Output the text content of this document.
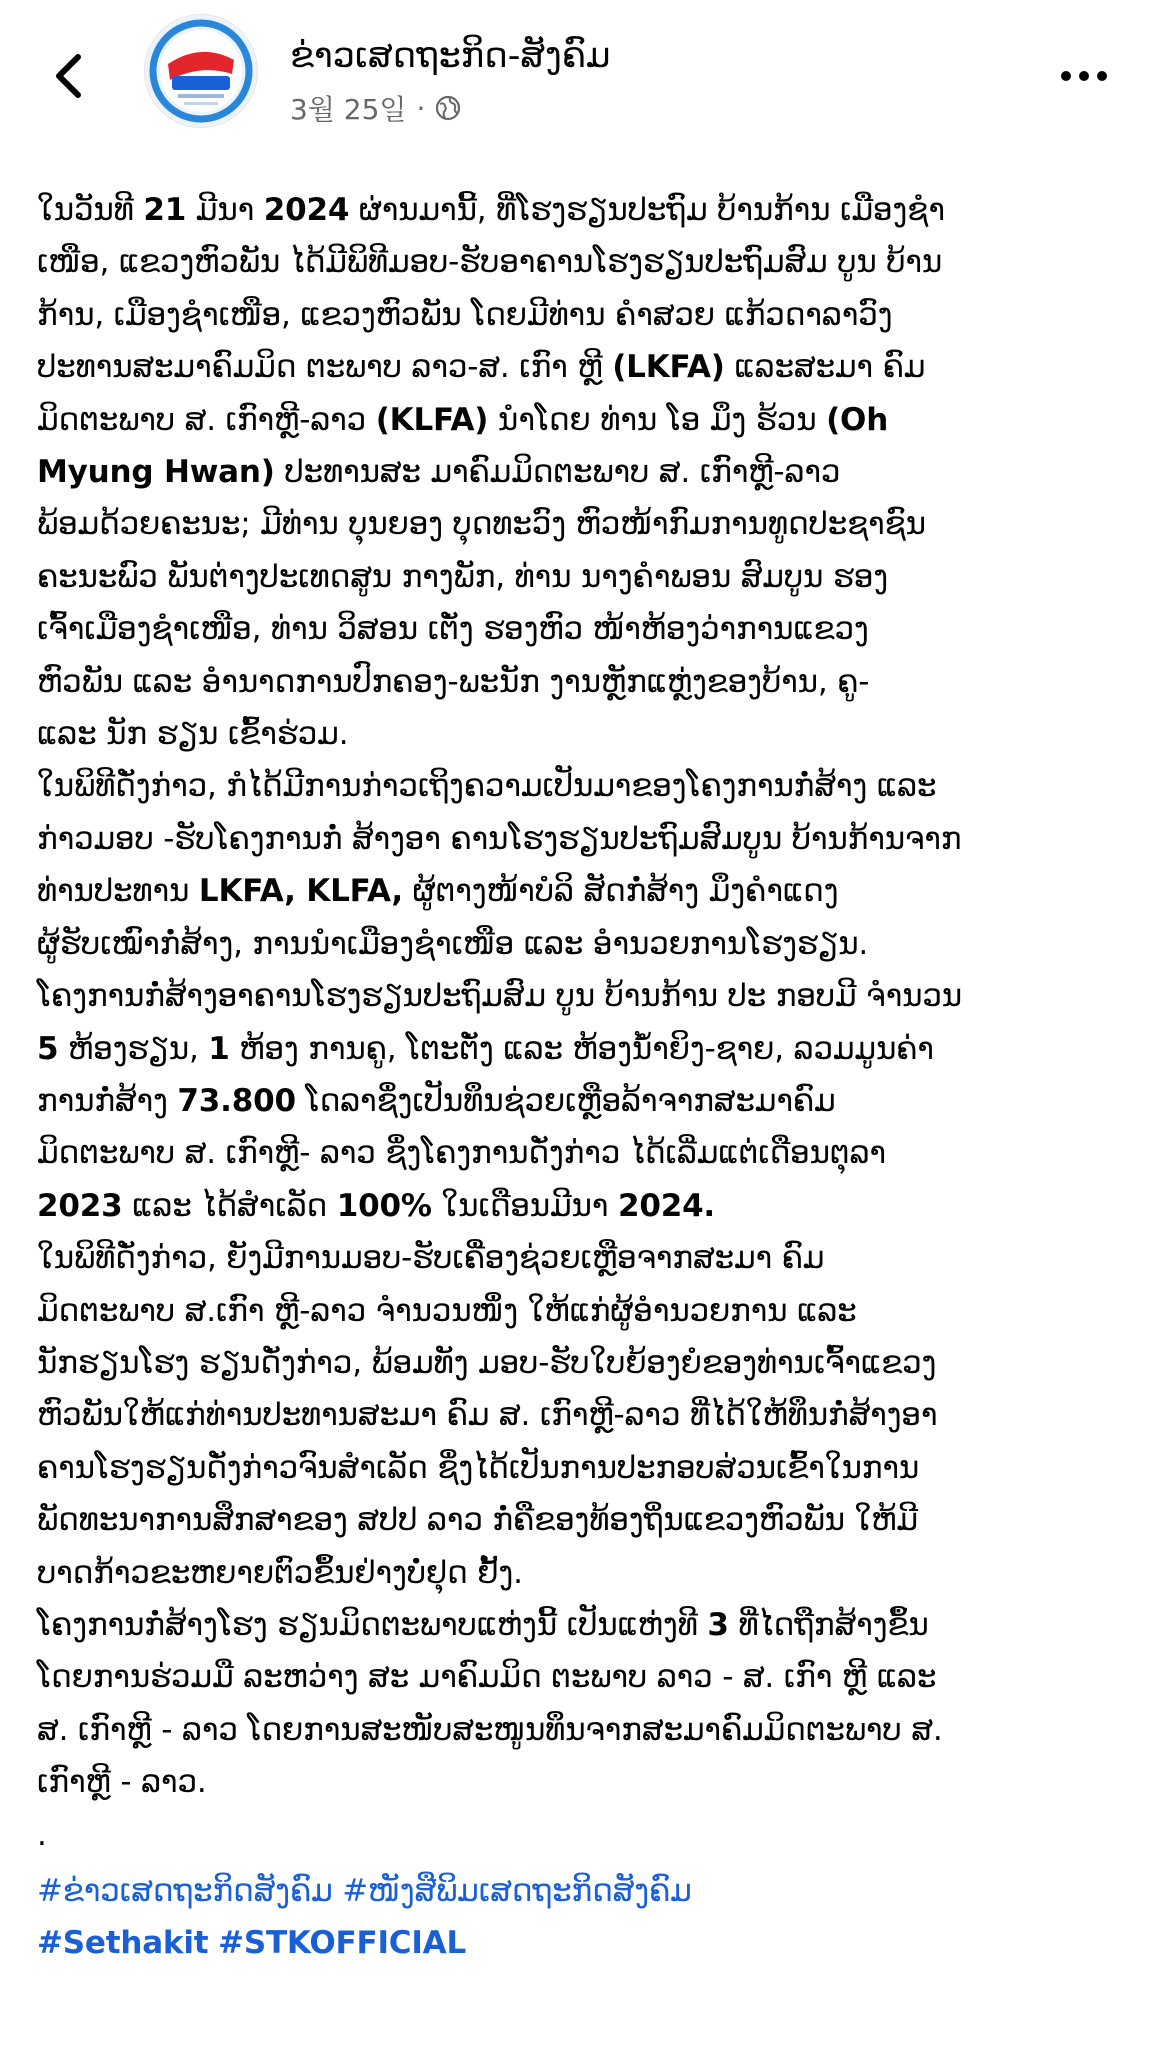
ຂ່າວເສດຖະກິດ-ສັງຄົມ
3월 25일 ·

ໃນວັນທີ 21 ມີນາ 2024 ຜ່ານມານີ້, ທີ່ໂຮງຮຽນປະຖົມ ບ້ານກ້ານ ເມືອງຊຳ

ເໜືອ, ແຂວງຫົວພັນ ໄດ້ມີພິທີມອບ-ຮັບອາຄານໂຮງຮຽນປະຖົມສົມ ບູນ ບ້ານ

ກ້ານ, ເມືອງຊຳເໜືອ, ແຂວງຫົວພັນ ໂດຍມີທ່ານ ຄຳສວຍ ແກ້ວດາລາວົງ

ປະທານສະມາຄົມມິດ ຕະພາບ ລາວ-ສ. ເກົາ ຫຼີ (LKFA) ແລະສະມາ ຄົມ

ມິດຕະພາບ ສ. ເກົາຫຼີ-ລາວ (KLFA) ນຳໂດຍ ທ່ານ ໂອ ມຶງ ຮ້ວນ (Oh

Myung Hwan) ປະທານສະ ມາຄົມມິດຕະພາບ ສ. ເກົາຫຼີ-ລາວ

ພ້ອມດ້ວຍຄະນະ; ມີທ່ານ ບຸນຍອງ ບຸດທະວົງ ຫົວໜ້າກົມການທູດປະຊາຊົນ

ຄະນະພົວ ພັນຕ່າງປະເທດສູນ ກາງພັກ, ທ່ານ ນາງຄຳພອນ ສົມບູນ ຮອງ

ເຈົ້າເມືອງຊຳເໜືອ, ທ່ານ ວິສອນ ເຕັ່ງ ຮອງຫົວ ໜ້າຫ້ອງວ່າການແຂວງ

ຫົວພັນ ແລະ ອຳນາດການປົກຄອງ-ພະນັກ ງານຫຼັກແຫຼ່ງຂອງບ້ານ, ຄູ-

ແລະ ນັກ ຮຽນ ເຂົ້າຮ່ວມ.

ໃນພິທີດັ່ງກ່າວ, ກໍໄດ້ມີການກ່າວເຖິງຄວາມເປັນມາຂອງໂຄງການກໍ່ສ້າງ ແລະ

ກ່າວມອບ -ຮັບໂຄງການກໍ່ ສ້າງອາ ຄານໂຮງຮຽນປະຖົມສົມບູນ ບ້ານກ້ານຈາກ

ທ່ານປະທານ LKFA, KLFA, ຜູ້ຕາງໜ້າບໍລິ ສັດກໍ່ສ້າງ ມຶງຄຳແດງ

ຜູ້ຮັບເໝົາກໍ່ສ້າງ, ການນຳເມືອງຊຳເໜືອ ແລະ ອຳນວຍການໂຮງຮຽນ.

ໂຄງການກໍ່ສ້າງອາຄານໂຮງຮຽນປະຖົມສົມ ບູນ ບ້ານກ້ານ ປະ ກອບມີ ຈຳນວນ

5 ຫ້ອງຮຽນ, 1 ຫ້ອງ ການຄູ, ໂຕະຕັ່ງ ແລະ ຫ້ອງນ້ຳຍິງ-ຊາຍ, ລວມມູນຄ່າ

ການກໍ່ສ້າງ 73.800 ໂດລາຊຶ່ງເປັນທຶນຊ່ວຍເຫຼືອລ້າຈາກສະມາຄົມ

ມິດຕະພາບ ສ. ເກົາຫຼີ- ລາວ ຊຶ່ງໂຄງການດັ່ງກ່າວ ໄດ້ເລີ່ມແຕ່ເດືອນຕຸລາ

2023 ແລະ ໄດ້ສຳເລັດ 100% ໃນເດືອນມີນາ 2024.

ໃນພິທີດັ່ງກ່າວ, ຍັງມີການມອບ-ຮັບເຄື່ອງຊ່ວຍເຫຼືອຈາກສະມາ ຄົມ

ມິດຕະພາບ ສ.ເກົາ ຫຼີ-ລາວ ຈຳນວນໜຶ່ງ ໃຫ້ແກ່ຜູ້ອຳນວຍການ ແລະ

ນັກຮຽນໂຮງ ຮຽນດັ່ງກ່າວ, ພ້ອມທັງ ມອບ-ຮັບໃບຍ້ອງຍໍຂອງທ່ານເຈົ້າແຂວງ

ຫົວພັນໃຫ້ແກ່ທ່ານປະທານສະມາ ຄົມ ສ. ເກົາຫຼີ-ລາວ ທີ່ໄດ້ໃຫ້ທຶນກໍ່ສ້າງອາ

ຄານໂຮງຮຽນດັ່ງກ່າວຈົນສຳເລັດ ຊຶ່ງໄດ້ເປັນການປະກອບສ່ວນເຂົ້າໃນການ

ພັດທະນາການສຶກສາຂອງ ສປປ ລາວ ກໍ່ຄືຂອງທ້ອງຖິ່ນແຂວງຫົວພັນ ໃຫ້ມີ

ບາດກ້າວຂະຫຍາຍຕົວຂຶ້ນຢ່າງບໍ່ຢຸດ ຢັ້ງ.

ໂຄງການກໍ່ສ້າງໂຮງ ຮຽນມິດຕະພາບແຫ່ງນີ້ ເປັນແຫ່ງທີ 3 ທີ່ໄດຖືກສ້າງຂຶ້ນ

ໂດຍການຮ່ວມມື ລະຫວ່າງ ສະ ມາຄົມມິດ ຕະພາບ ລາວ - ສ. ເກົາ ຫຼີ ແລະ

ສ. ເກົາຫຼີ - ລາວ ໂດຍການສະໜັບສະໜູນທຶນຈາກສະມາຄົມມິດຕະພາບ ສ.

ເກົາຫຼີ - ລາວ.

.

#ຂ່າວເສດຖະກິດສັງຄົມ #ໜັງສືພິມເສດຖະກິດສັງຄົມ

#Sethakit #STKOFFICIAL
